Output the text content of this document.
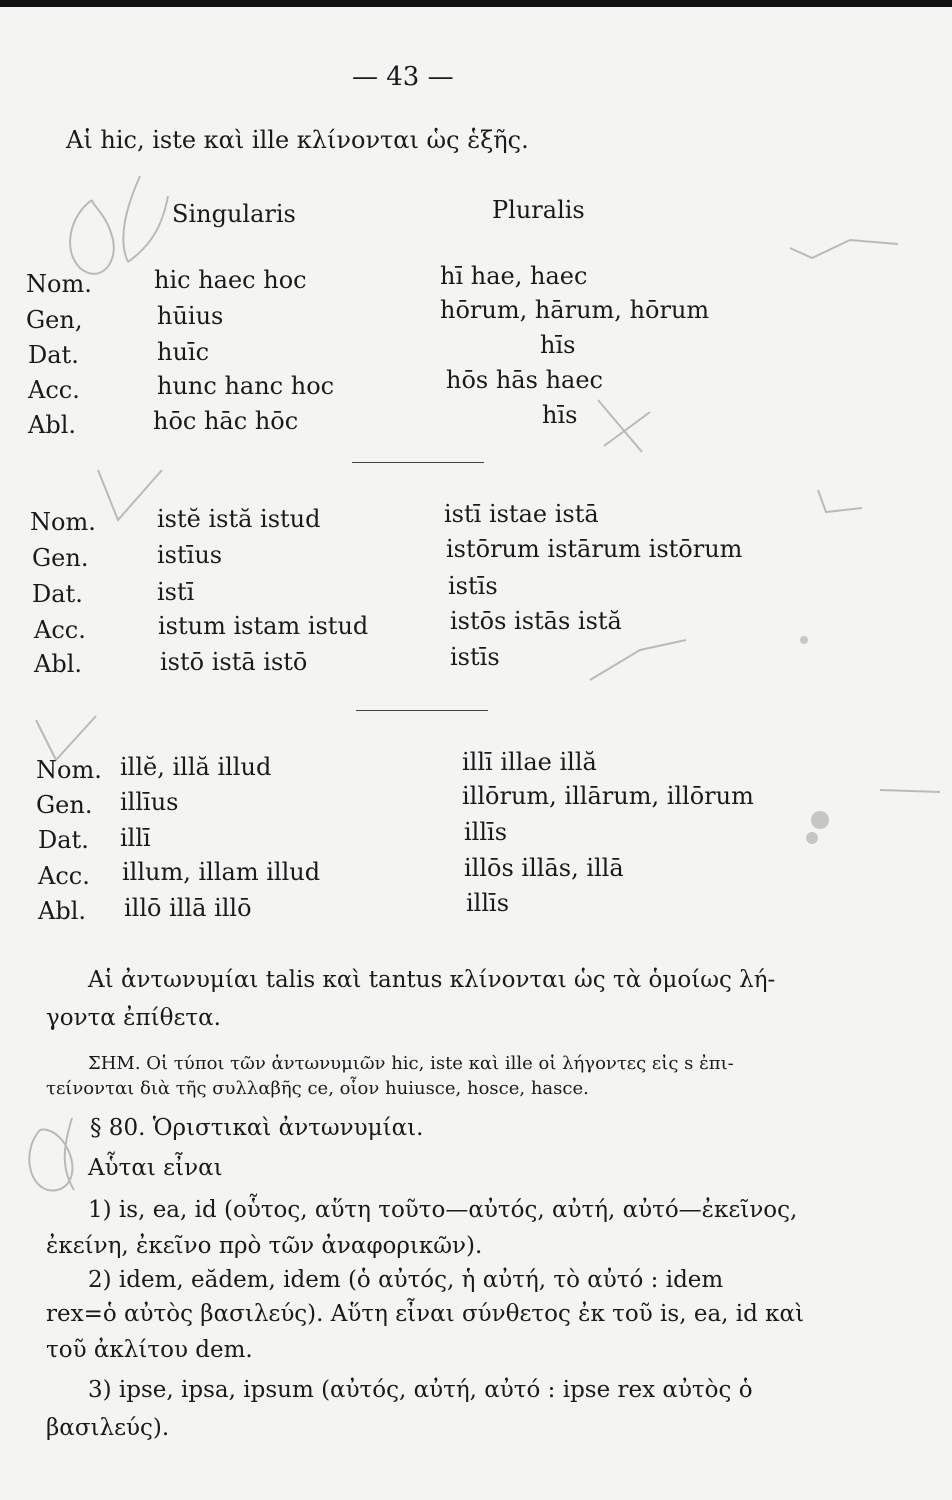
— 43 —
Aἱ hic, iste καὶ ille κλίνονται ὡς ἑξῆς.
Singularis	Pluralis
Nom.	hic haec hoc	hī hae, haec
Gen,	hūius	hōrum, hārum, hōrum
Dat.	huīc	hīs
Acc.	hunc hanc hoc	hōs hās haec
Abl.	hōc hāc hōc	hīs
Nom.	istĕ istă istud	istī istae istā
Gen.	istīus	istōrum istārum istōrum
Dat.	istī	istīs
Acc.	istum istam istud	istōs istās istă
Abl.	istō istā istō	istīs
Nom. illĕ, illă illud	illī illae illă
Gen. illīus	illōrum, illārum, illōrum
Dat. illī	illīs
Acc. illum, illam illud	illōs illās, illā
Abl. illō illā illō	illīs
Aἱ ἀντωνυμίαι talis καὶ tantus κλίνονται ὡς τὰ ὁμοίως λή-
γοντα ἐπίθετα.
ΣΗΜ. Οἱ τύποι τῶν ἀντωνυμιῶν hic, iste καὶ ille οἱ λήγοντες εἰς s ἐπι-
τείνονται διὰ τῆς συλλαβῆς ce, οἷον huiusce, hosce, hasce.
§ 80. Ὁριστικαὶ ἀντωνυμίαι.
Aὗται εἶναι
1) is, ea, id (οὗτος, αὕτη τοῦτο—αὐτός, αὐτή, αὐτό—ἐκεῖνος,
ἐκείνη, ἐκεῖνο πρὸ τῶν ἀναφορικῶν).
2) idem, eădem, idem (ὁ αὐτός, ἡ αὐτή, τὸ αὐτό : idem
rex=ὁ αὐτὸς βασιλεύς). Aὕτη εἶναι σύνθετος ἐκ τοῦ is, ea, id καὶ
τοῦ ἀκλίτου dem.
3) ipse, ipsa, ipsum (αὐτός, αὐτή, αὐτό : ipse rex αὐτὸς ὁ
βασιλεύς).
